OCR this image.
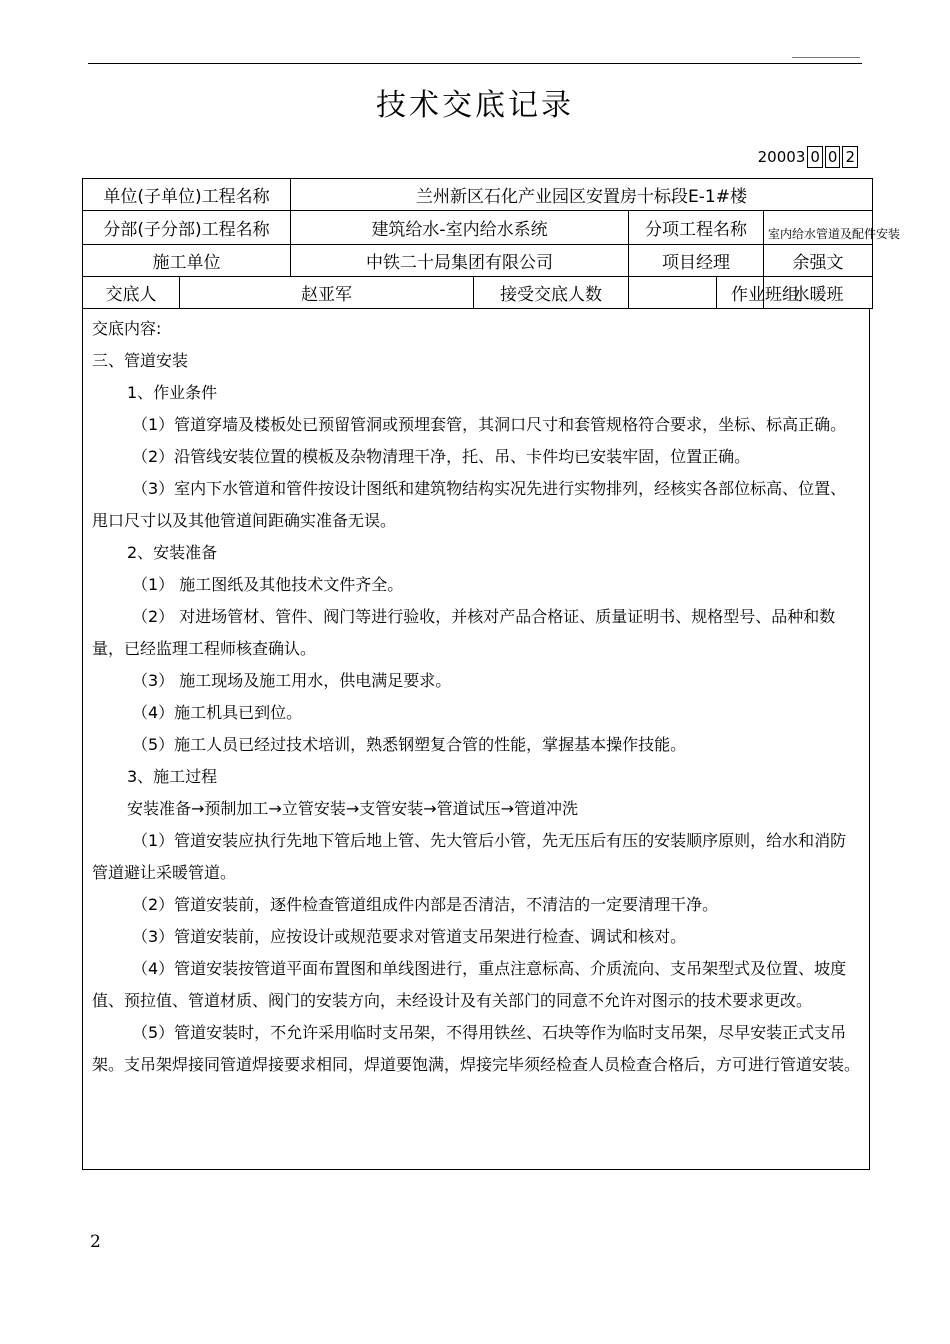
技术交底记录
20003 0 0 2
单位(子单位)工程名称		兰州新区石化产业园区安置房十标段E-1#楼				
分部(子分部)工程名称		建筑给水-室内给水系统		分项工程名称		室内给水管道及配件安装
施工单位		中铁二十局集团有限公司		项目经理		余强文
交底人	赵亚军		接受交底人数		作业班组	水暖班

交底内容:

三、管道安装

1、作业条件

（1）管道穿墙及楼板处已预留管洞或预埋套管，其洞口尺寸和套管规格符合要求，坐标、标高正确。

（2）沿管线安装位置的模板及杂物清理干净，托、吊、卡件均已安装牢固，位置正确。

（3）室内下水管道和管件按设计图纸和建筑物结构实况先进行实物排列，经核实各部位标高、位置、甩口尺寸以及其他管道间距确实准备无误。

2、安装准备

（1） 施工图纸及其他技术文件齐全。

（2） 对进场管材、管件、阀门等进行验收，并核对产品合格证、质量证明书、规格型号、品种和数量，已经监理工程师核查确认。

（3） 施工现场及施工用水，供电满足要求。

（4）施工机具已到位。

（5）施工人员已经过技术培训，熟悉钢塑复合管的性能，掌握基本操作技能。

3、施工过程

安装准备→预制加工→立管安装→支管安装→管道试压→管道冲洗

（1）管道安装应执行先地下管后地上管、先大管后小管，先无压后有压的安装顺序原则，给水和消防管道避让采暖管道。

（2）管道安装前，逐件检查管道组成件内部是否清洁，不清洁的一定要清理干净。

（3）管道安装前，应按设计或规范要求对管道支吊架进行检查、调试和核对。

（4）管道安装按管道平面布置图和单线图进行，重点注意标高、介质流向、支吊架型式及位置、坡度值、预拉值、管道材质、阀门的安装方向，未经设计及有关部门的同意不允许对图示的技术要求更改。

（5）管道安装时，不允许采用临时支吊架，不得用铁丝、石块等作为临时支吊架，尽早安装正式支吊架。支吊架焊接同管道焊接要求相同，焊道要饱满，焊接完毕须经检查人员检查合格后，方可进行管道安装。

2
